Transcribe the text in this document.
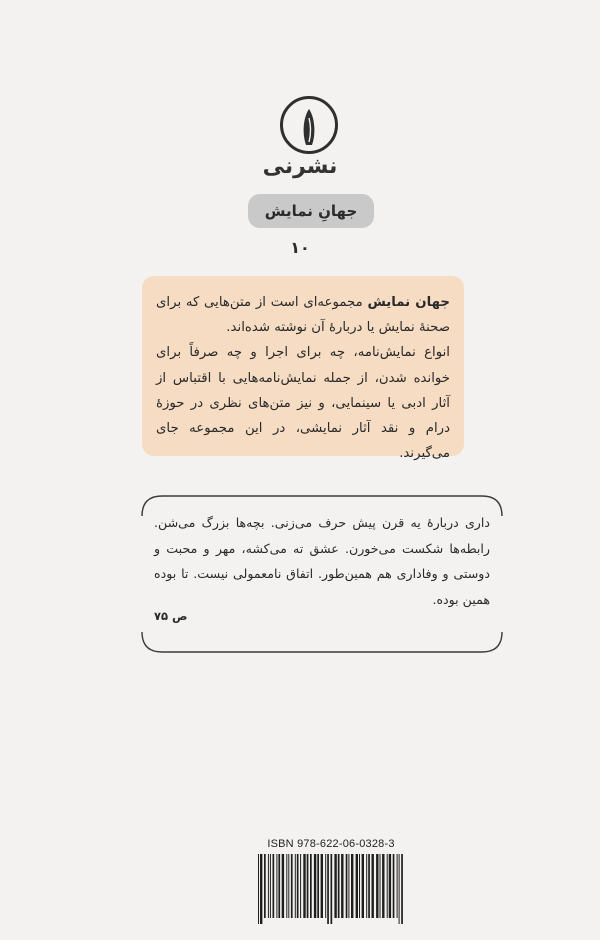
نشرنی
جهانِ نمایش
۱۰

جهان نمایش مجموعه‌ای است از متن‌هایی که برای صحنهٔ نمایش یا دربارهٔ آن نوشته شده‌اند.

انواع نمایش‌نامه، چه برای اجرا و چه صرفاً برای خوانده شدن، از جمله نمایش‌نامه‌هایی با اقتباس از آثار ادبی یا سینمایی، و نیز متن‌های نظری در حوزهٔ درام و نقد آثار نمایشی، در این مجموعه جای می‌گیرند.

داری دربارهٔ یه قرن پیش حرف می‌زنی. بچه‌ها بزرگ می‌شن. رابطه‌ها شکست می‌خورن. عشق ته می‌کشه، مهر و محبت و دوستی و وفاداری هم همین‌طور. اتفاق نامعمولی نیست. تا بوده همین بوده.
ص ۷۵
ISBN 978-622-06-0328-3
